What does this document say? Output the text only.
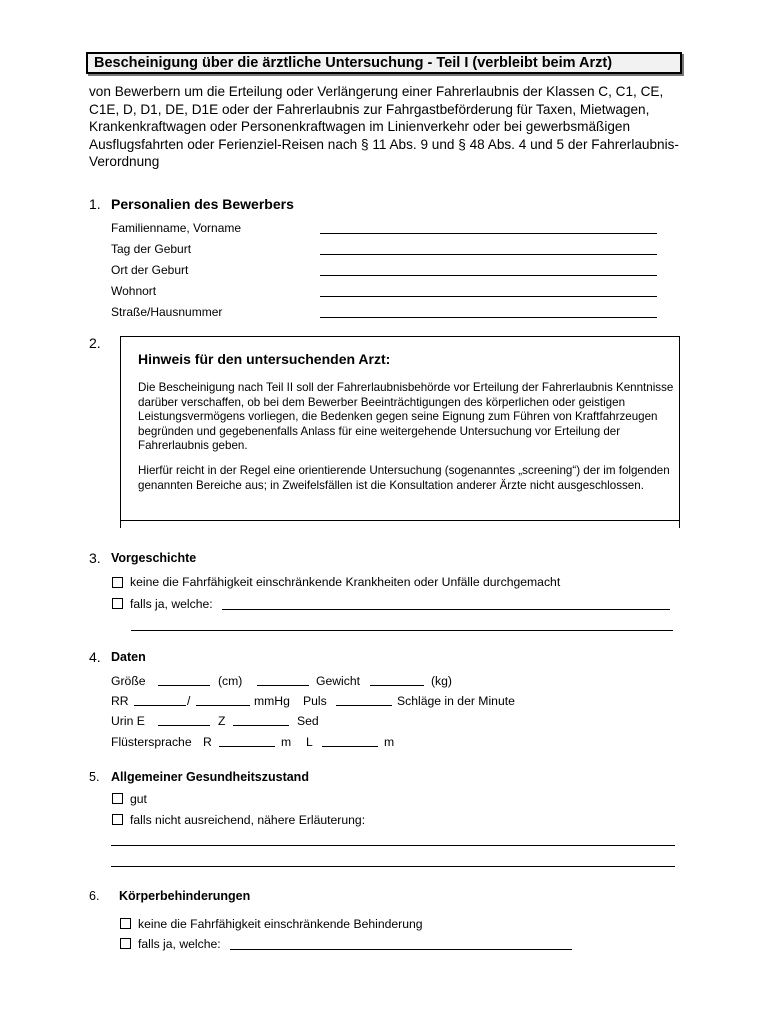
Bescheinigung über die ärztliche Untersuchung - Teil I (verbleibt beim Arzt)
von Bewerbern um die Erteilung oder Verlängerung einer Fahrerlaubnis der Klassen C, C1, CE, C1E, D, D1, DE, D1E oder der Fahrerlaubnis zur Fahrgastbeförderung für Taxen, Mietwagen, Krankenkraftwagen oder Personenkraftwagen im Linienverkehr oder bei gewerbsmäßigen Ausflugsfahrten oder Ferienziel-Reisen nach § 11 Abs. 9 und § 48 Abs. 4 und 5 der Fahrerlaubnis-Verordnung
1. Personalien des Bewerbers
Familienname, Vorname
Tag der Geburt
Ort der Geburt
Wohnort
Straße/Hausnummer
2.
Hinweis für den untersuchenden Arzt:
Die Bescheinigung nach Teil II soll der Fahrerlaubnisbehörde vor Erteilung der Fahrerlaubnis Kenntnisse darüber verschaffen, ob bei dem Bewerber Beeinträchtigungen des körperlichen oder geistigen Leistungsvermögens vorliegen, die Bedenken gegen seine Eignung zum Führen von Kraftfahrzeugen begründen und gegebenenfalls Anlass für eine weitergehende Untersuchung vor Erteilung der Fahrerlaubnis geben.
Hierfür reicht in der Regel eine orientierende Untersuchung (sogenanntes „screening“) der im folgenden genannten Bereiche aus; in Zweifelsfällen ist die Konsultation anderer Ärzte nicht ausgeschlossen.
3. Vorgeschichte
keine die Fahrfähigkeit einschränkende Krankheiten oder Unfälle durchgemacht
falls ja, welche:
4. Daten
Größe	(cm)	Gewicht	(kg)
RR	/	mmHg Puls	Schläge in der Minute
Urin E	Z	Sed
Flüstersprache R	m L	m
5. Allgemeiner Gesundheitszustand
gut
falls nicht ausreichend, nähere Erläuterung:
6. Körperbehinderungen
keine die Fahrfähigkeit einschränkende Behinderung
falls ja, welche:
